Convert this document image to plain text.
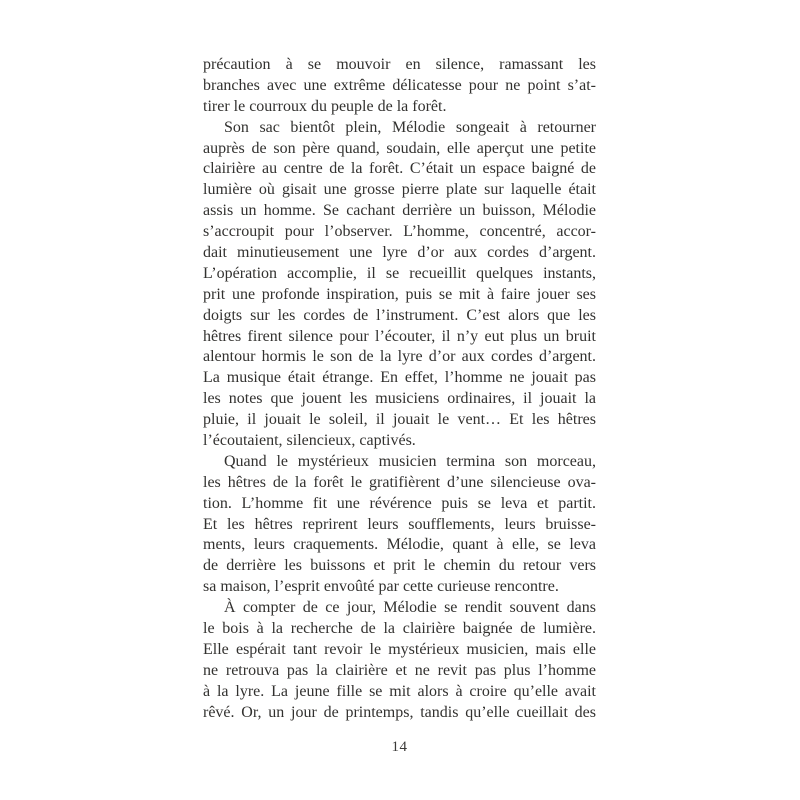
précaution à se mouvoir en silence, ramassant les
branches avec une extrême délicatesse pour ne point s’at-
tirer le courroux du peuple de la forêt.
Son sac bientôt plein, Mélodie songeait à retourner
auprès de son père quand, soudain, elle aperçut une petite
clairière au centre de la forêt. C’était un espace baigné de
lumière où gisait une grosse pierre plate sur laquelle était
assis un homme. Se cachant derrière un buisson, Mélodie
s’accroupit pour l’observer. L’homme, concentré, accor-
dait minutieusement une lyre d’or aux cordes d’argent.
L’opération accomplie, il se recueillit quelques instants,
prit une profonde inspiration, puis se mit à faire jouer ses
doigts sur les cordes de l’instrument. C’est alors que les
hêtres firent silence pour l’écouter, il n’y eut plus un bruit
alentour hormis le son de la lyre d’or aux cordes d’argent.
La musique était étrange. En effet, l’homme ne jouait pas
les notes que jouent les musiciens ordinaires, il jouait la
pluie, il jouait le soleil, il jouait le vent… Et les hêtres
l’écoutaient, silencieux, captivés.
Quand le mystérieux musicien termina son morceau,
les hêtres de la forêt le gratifièrent d’une silencieuse ova-
tion. L’homme fit une révérence puis se leva et partit.
Et les hêtres reprirent leurs soufflements, leurs bruisse-
ments, leurs craquements. Mélodie, quant à elle, se leva
de derrière les buissons et prit le chemin du retour vers
sa maison, l’esprit envoûté par cette curieuse rencontre.
À compter de ce jour, Mélodie se rendit souvent dans
le bois à la recherche de la clairière baignée de lumière.
Elle espérait tant revoir le mystérieux musicien, mais elle
ne retrouva pas la clairière et ne revit pas plus l’homme
à la lyre. La jeune fille se mit alors à croire qu’elle avait
rêvé. Or, un jour de printemps, tandis qu’elle cueillait des
14
